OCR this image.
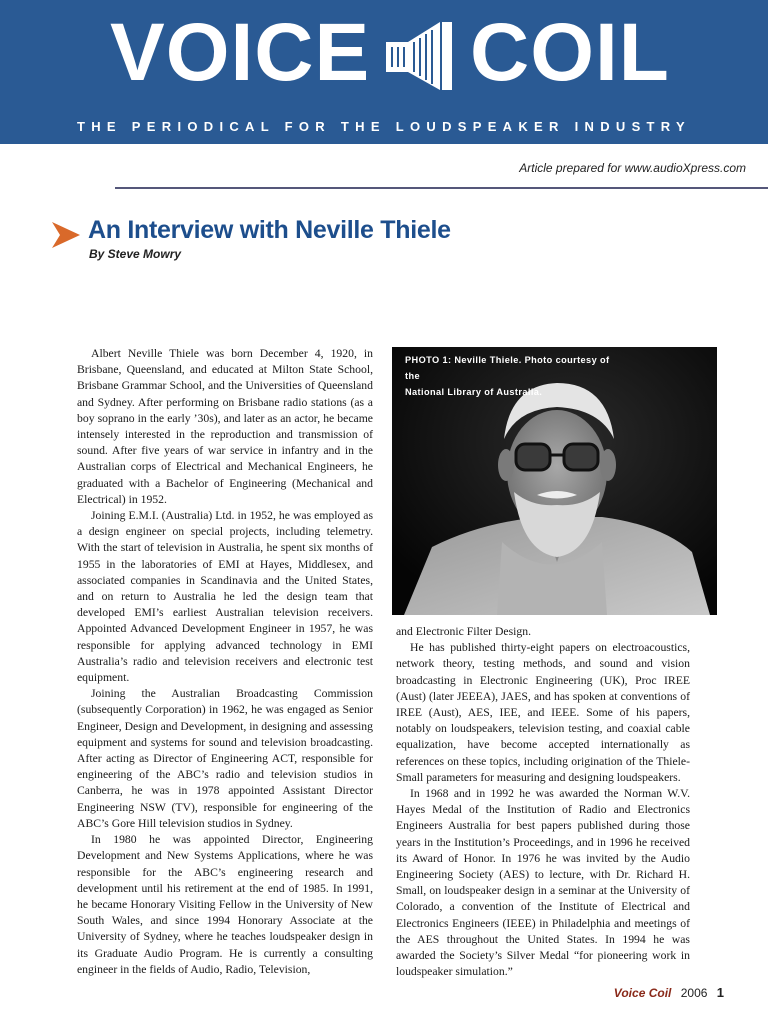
VOICE COIL
THE PERIODICAL FOR THE LOUDSPEAKER INDUSTRY
Article prepared for www.audioXpress.com
An Interview with Neville Thiele
By Steve Mowry

Albert Neville Thiele was born December 4, 1920, in Brisbane, Queensland, and educated at Milton State School, Brisbane Grammar School, and the Universities of Queensland and Sydney. After performing on Brisbane radio stations (as a boy soprano in the early ’30s), and later as an actor, he became intensely interested in the reproduction and transmission of sound. After five years of war service in infantry and in the Australian corps of Electrical and Mechanical Engineers, he graduated with a Bachelor of Engineering (Mechanical and Electrical) in 1952.

Joining E.M.I. (Australia) Ltd. in 1952, he was employed as a design engineer on special projects, including telemetry. With the start of television in Australia, he spent six months of 1955 in the laboratories of EMI at Hayes, Middlesex, and associated companies in Scandinavia and the United States, and on return to Australia he led the design team that developed EMI’s earliest Australian television receivers. Appointed Advanced Development Engineer in 1957, he was responsible for applying advanced technology in EMI Australia’s radio and television receivers and electronic test equipment.

Joining the Australian Broadcasting Commission (subsequently Corporation) in 1962, he was engaged as Senior Engineer, Design and Development, in designing and assessing equipment and systems for sound and television broadcasting. After acting as Director of Engineering ACT, responsible for engineering of the ABC’s radio and television studios in Canberra, he was in 1978 appointed Assistant Director Engineering NSW (TV), responsible for engineering of the ABC’s Gore Hill television studios in Sydney.

In 1980 he was appointed Director, Engineering Development and New Systems Applications, where he was responsible for the ABC’s engineering research and development until his retirement at the end of 1985. In 1991, he became Honorary Visiting Fellow in the University of New South Wales, and since 1994 Honorary Associate at the University of Sydney, where he teaches loudspeaker design in its Graduate Audio Program. He is currently a consulting engineer in the fields of Audio, Radio, Television,

PHOTO 1: Neville Thiele. Photo courtesy of the
National Library of Australia.

and Electronic Filter Design.

He has published thirty-eight papers on electroacoustics, network theory, testing methods, and sound and vision broadcasting in Electronic Engineering (UK), Proc IREE (Aust) (later JEEEA), JAES, and has spoken at conventions of IREE (Aust), AES, IEE, and IEEE. Some of his papers, notably on loudspeakers, television testing, and coaxial cable equalization, have become accepted internationally as references on these topics, including origination of the Thiele-Small parameters for measuring and designing loudspeakers.

In 1968 and in 1992 he was awarded the Norman W.V. Hayes Medal of the Institution of Radio and Electronics Engineers Australia for best papers published during those years in the Institution’s Proceedings, and in 1996 he received its Award of Honor. In 1976 he was invited by the Audio Engineering Society (AES) to lecture, with Dr. Richard H. Small, on loudspeaker design in a seminar at the University of Colorado, a convention of the Institute of Electrical and Electronics Engineers (IEEE) in Philadelphia and meetings of the AES throughout the United States. In 1994 he was awarded the Society’s Silver Medal “for pioneering work in loudspeaker simulation.”

Voice Coil 2006 1
